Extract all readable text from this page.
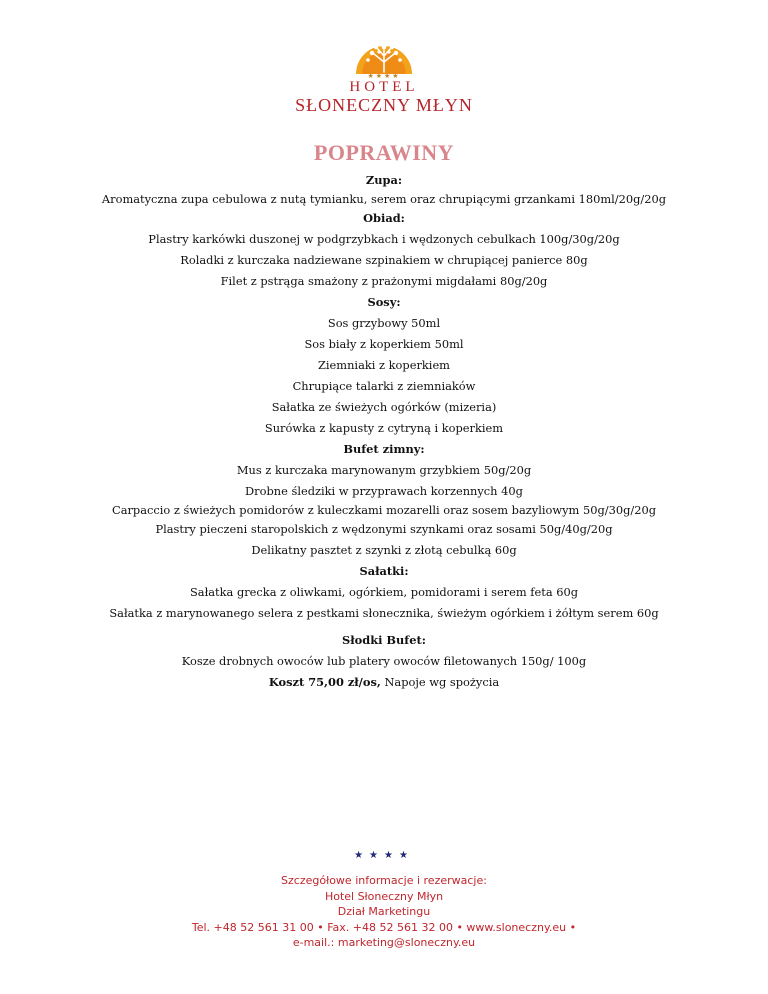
★★★★
HOTEL
SŁONECZNY MŁYN
POPRAWINY
Zupa:
Aromatyczna zupa cebulowa z nutą tymianku, serem oraz chrupiącymi grzankami 180ml/20g/20g
Obiad:
Plastry karkówki duszonej w podgrzybkach i wędzonych cebulkach 100g/30g/20g
Roladki z kurczaka nadziewane szpinakiem w chrupiącej panierce 80g
Filet z pstrąga smażony z prażonymi migdałami 80g/20g
Sosy:
Sos grzybowy 50ml
Sos biały z koperkiem 50ml
Ziemniaki z koperkiem
Chrupiące talarki z ziemniaków
Sałatka ze świeżych ogórków (mizeria)
Surówka z kapusty z cytryną i koperkiem
Bufet zimny:
Mus z kurczaka marynowanym grzybkiem 50g/20g
Drobne śledziki w przyprawach korzennych 40g
Carpaccio z świeżych pomidorów z kuleczkami mozarelli oraz sosem bazyliowym 50g/30g/20g
Plastry pieczeni staropolskich z wędzonymi szynkami oraz sosami 50g/40g/20g
Delikatny pasztet z szynki z złotą cebulką 60g
Sałatki:
Sałatka grecka z oliwkami, ogórkiem, pomidorami i serem feta 60g
Sałatka z marynowanego selera z pestkami słonecznika, świeżym ogórkiem i żółtym serem 60g
Słodki Bufet:
Kosze drobnych owoców lub platery owoców filetowanych 150g/ 100g
Koszt 75,00 zł/os, Napoje wg spożycia
★★★★
Szczegółowe informacje i rezerwacje:
Hotel Słoneczny Młyn
Dział Marketingu
Tel. +48 52 561 31 00 • Fax. +48 52 561 32 00 • www.sloneczny.eu •
e-mail.: marketing@sloneczny.eu
